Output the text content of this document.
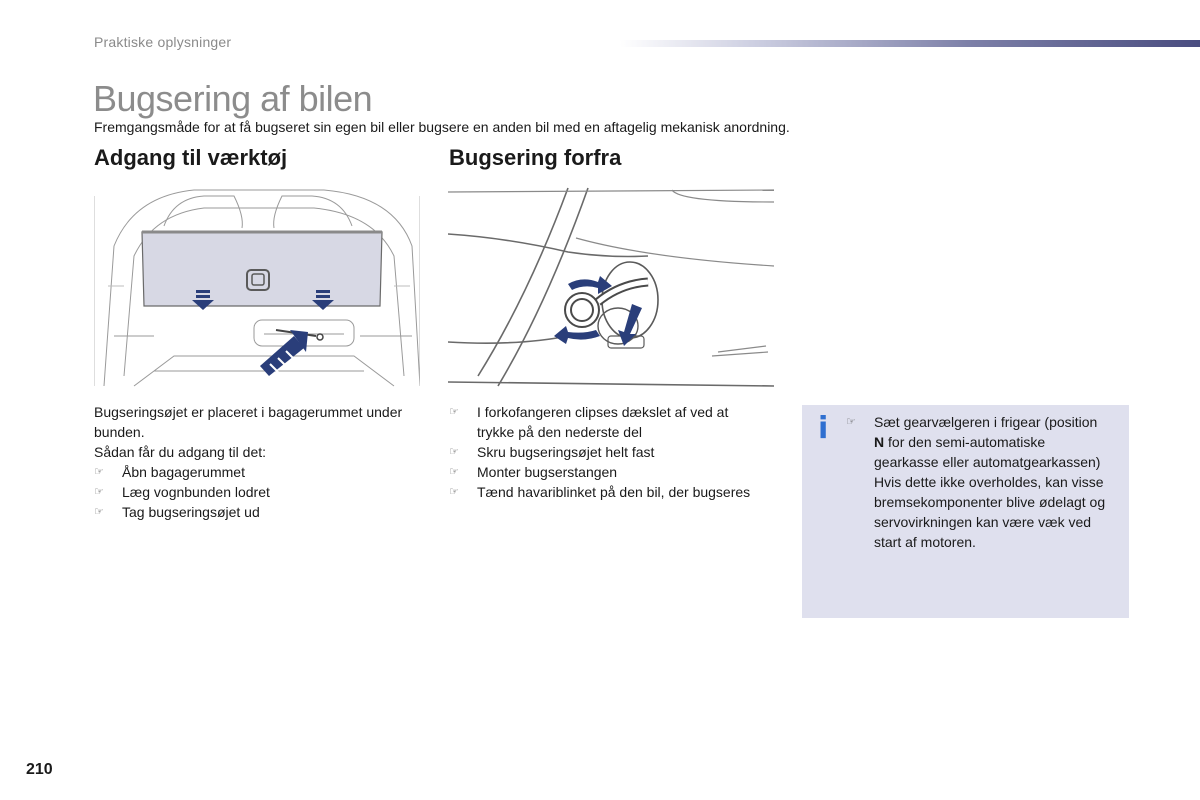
Praktiske oplysninger
Bugsering af bilen
Fremgangsmåde for at få bugseret sin egen bil eller bugsere en anden bil med en aftagelig mekanisk anordning.
Adgang til værktøj

Bugseringsøjet er placeret i bagagerummet under bunden.

Sådan får du adgang til det:

☞ Åbn bagagerummet
☞ Læg vognbunden lodret
☞ Tag bugseringsøjet ud
Bugsering forfra
☞ I forkofangeren clipses dækslet af ved at trykke på den nederste del
☞ Skru bugseringsøjet helt fast
☞ Monter bugserstangen
☞ Tænd havariblinket på den bil, der bugseres
i ☞ Sæt gearvælgeren i frigear (position N for den semi-automatiske gearkasse eller automatgearkassen)
Hvis dette ikke overholdes, kan visse bremsekomponenter blive ødelagt og servovirkningen kan være væk ved start af motoren.
210
